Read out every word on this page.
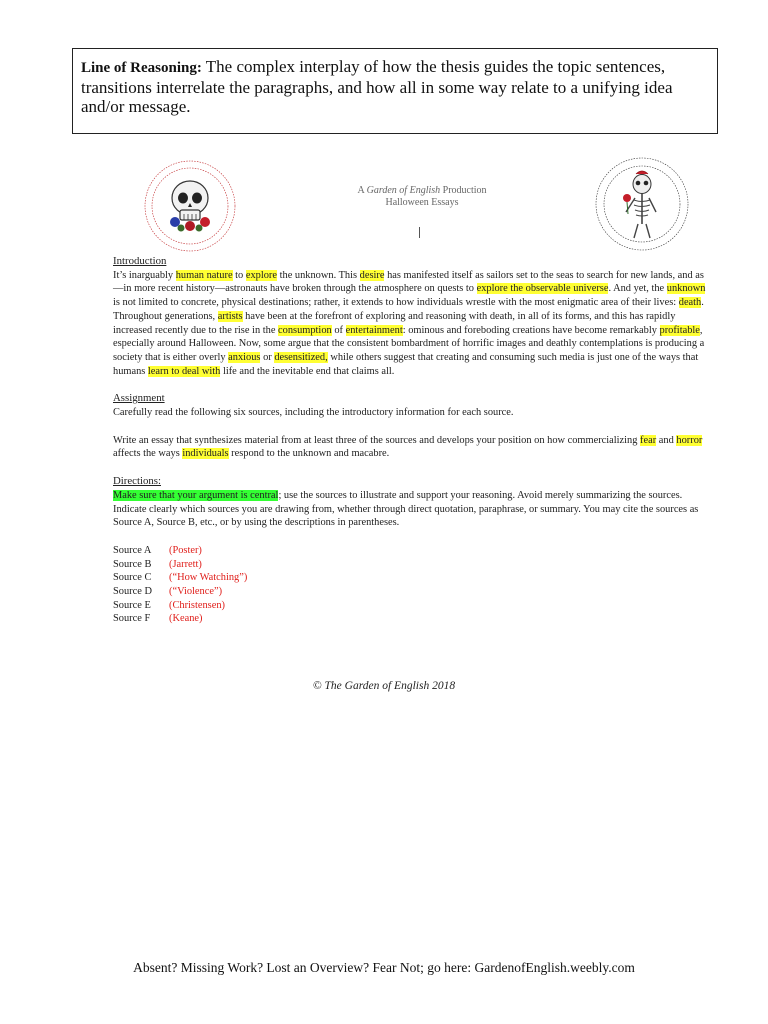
Line of Reasoning: The complex interplay of how the thesis guides the topic sentences, transitions interrelate the paragraphs, and how all in some way relate to a unifying idea and/or message.
A Garden of English Production
Halloween Essays

Introduction

It’s inarguably human nature to explore the unknown. This desire has manifested itself as sailors set to the seas to search for new lands, and as—in more recent history—astronauts have broken through the atmosphere on quests to explore the observable universe. And yet, the unknown is not limited to concrete, physical destinations; rather, it extends to how individuals wrestle with the most enigmatic area of their lives: death. Throughout generations, artists have been at the forefront of exploring and reasoning with death, in all of its forms, and this has rapidly increased recently due to the rise in the consumption of entertainment: ominous and foreboding creations have become remarkably profitable, especially around Halloween. Now, some argue that the consistent bombardment of horrific images and deathly contemplations is producing a society that is either overly anxious or desensitized, while others suggest that creating and consuming such media is just one of the ways that humans learn to deal with life and the inevitable end that claims all.

Assignment

Carefully read the following six sources, including the introductory information for each source.

Write an essay that synthesizes material from at least three of the sources and develops your position on how commercializing fear and horror affects the ways individuals respond to the unknown and macabre.

Directions:

Make sure that your argument is central; use the sources to illustrate and support your reasoning. Avoid merely summarizing the sources. Indicate clearly which sources you are drawing from, whether through direct quotation, paraphrase, or summary. You may cite the sources as Source A, Source B, etc., or by using the descriptions in parentheses.

Source A	(Poster)
Source B	(Jarrett)
Source C	(“How Watching”)
Source D	(“Violence”)
Source E	(Christensen)
Source F	(Keane)
© The Garden of English 2018
Absent? Missing Work? Lost an Overview? Fear Not; go here: GardenofEnglish.weebly.com
